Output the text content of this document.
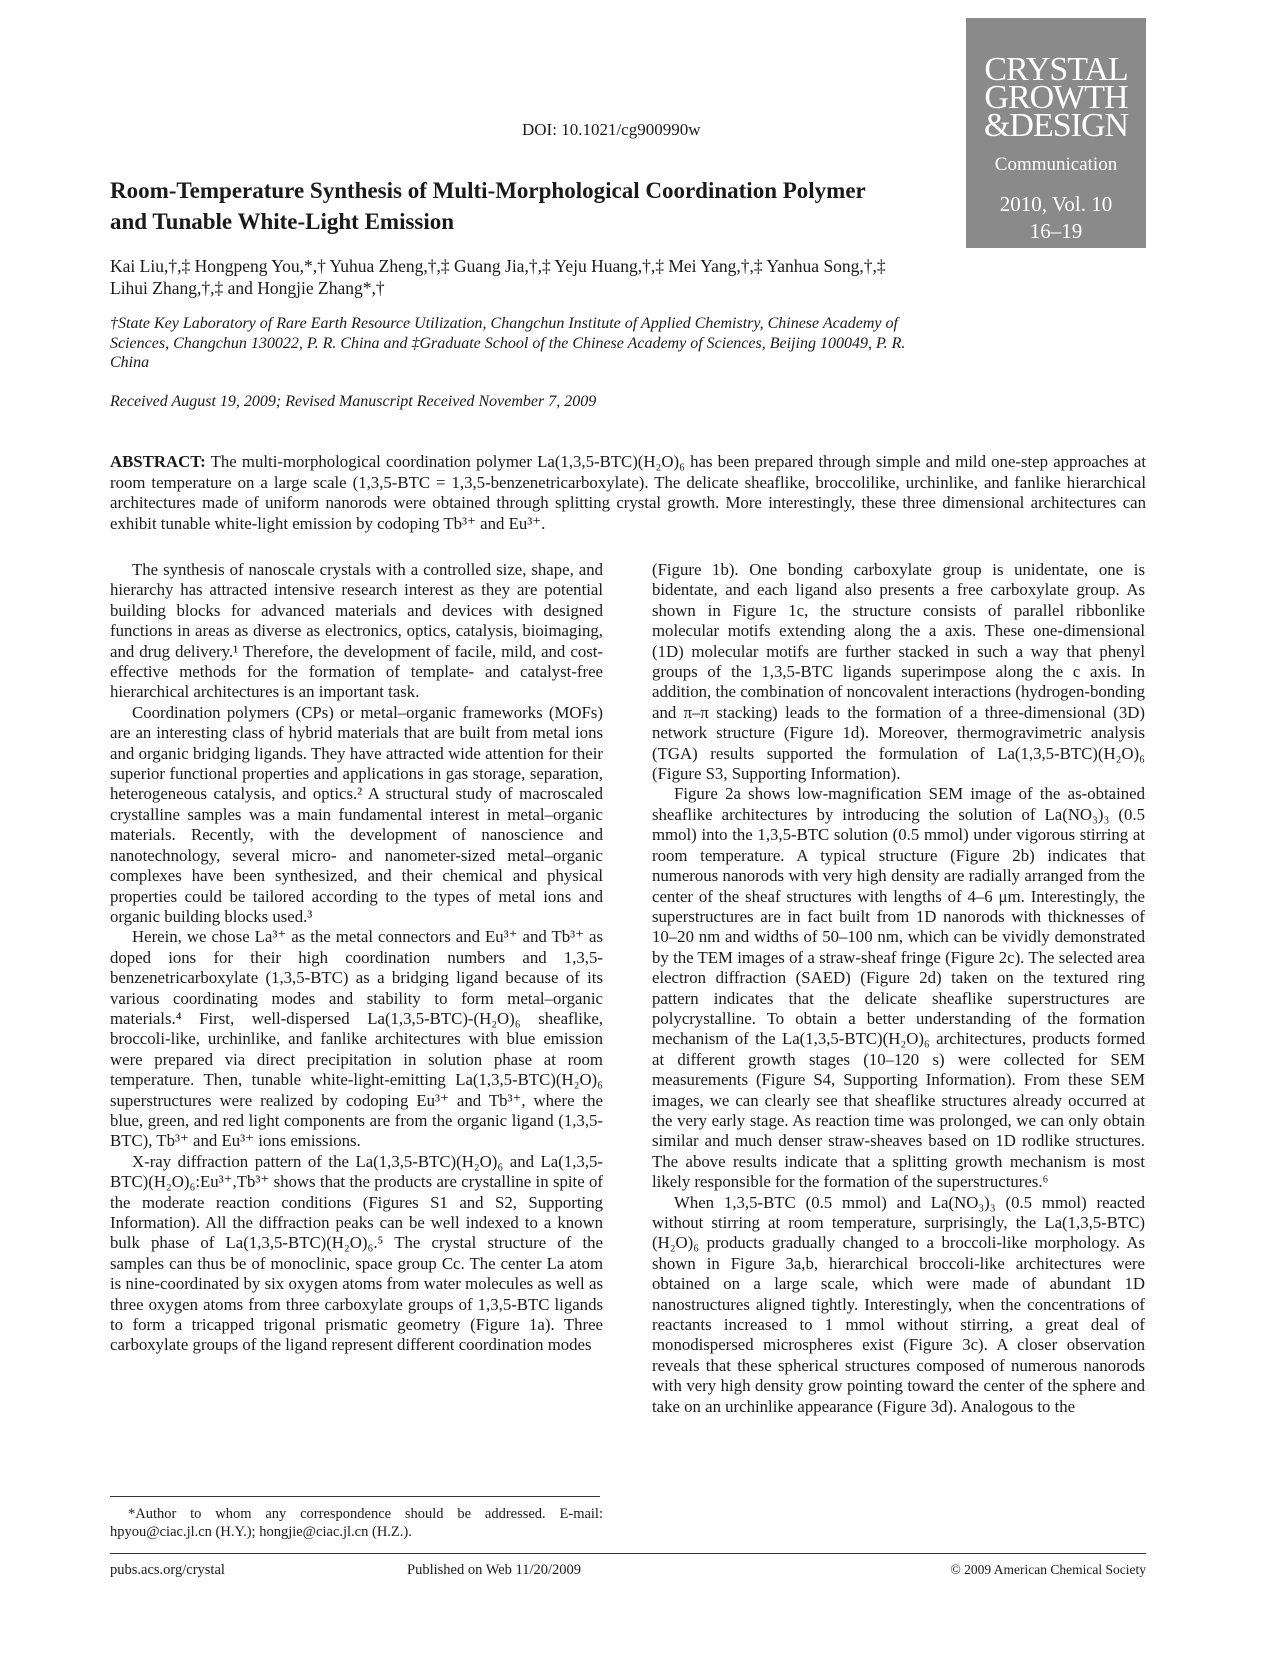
DOI: 10.1021/cg900990w
CRYSTAL
GROWTH
&DESIGN
Communication
2010, Vol. 10
16–19
Room-Temperature Synthesis of Multi-Morphological Coordination Polymer and Tunable White-Light Emission
Kai Liu,†,‡ Hongpeng You,*,† Yuhua Zheng,†,‡ Guang Jia,†,‡ Yeju Huang,†,‡ Mei Yang,†,‡ Yanhua Song,†,‡ Lihui Zhang,†,‡ and Hongjie Zhang*,†
†State Key Laboratory of Rare Earth Resource Utilization, Changchun Institute of Applied Chemistry, Chinese Academy of Sciences, Changchun 130022, P. R. China and ‡Graduate School of the Chinese Academy of Sciences, Beijing 100049, P. R. China
Received August 19, 2009; Revised Manuscript Received November 7, 2009
ABSTRACT: The multi-morphological coordination polymer La(1,3,5-BTC)(H₂O)₆ has been prepared through simple and mild one-step approaches at room temperature on a large scale (1,3,5-BTC = 1,3,5-benzenetricarboxylate). The delicate sheaflike, broccolilike, urchinlike, and fanlike hierarchical architectures made of uniform nanorods were obtained through splitting crystal growth. More interestingly, these three dimensional architectures can exhibit tunable white-light emission by codoping Tb³⁺ and Eu³⁺.

The synthesis of nanoscale crystals with a controlled size, shape, and hierarchy has attracted intensive research interest as they are potential building blocks for advanced materials and devices with designed functions in areas as diverse as electronics, optics, catalysis, bioimaging, and drug delivery.¹ Therefore, the development of facile, mild, and cost-effective methods for the formation of template- and catalyst-free hierarchical architectures is an important task.

Coordination polymers (CPs) or metal–organic frameworks (MOFs) are an interesting class of hybrid materials that are built from metal ions and organic bridging ligands. They have attracted wide attention for their superior functional properties and applications in gas storage, separation, heterogeneous catalysis, and optics.² A structural study of macroscaled crystalline samples was a main fundamental interest in metal–organic materials. Recently, with the development of nanoscience and nanotechnology, several micro- and nanometer-sized metal–organic complexes have been synthesized, and their chemical and physical properties could be tailored according to the types of metal ions and organic building blocks used.³

Herein, we chose La³⁺ as the metal connectors and Eu³⁺ and Tb³⁺ as doped ions for their high coordination numbers and 1,3,5-benzenetricarboxylate (1,3,5-BTC) as a bridging ligand because of its various coordinating modes and stability to form metal–organic materials.⁴ First, well-dispersed La(1,3,5-BTC)-(H₂O)₆ sheaflike, broccoli-like, urchinlike, and fanlike architectures with blue emission were prepared via direct precipitation in solution phase at room temperature. Then, tunable white-light-emitting La(1,3,5-BTC)(H₂O)₆ superstructures were realized by codoping Eu³⁺ and Tb³⁺, where the blue, green, and red light components are from the organic ligand (1,3,5-BTC), Tb³⁺ and Eu³⁺ ions emissions.

X-ray diffraction pattern of the La(1,3,5-BTC)(H₂O)₆ and La(1,3,5-BTC)(H₂O)₆:Eu³⁺,Tb³⁺ shows that the products are crystalline in spite of the moderate reaction conditions (Figures S1 and S2, Supporting Information). All the diffraction peaks can be well indexed to a known bulk phase of La(1,3,5-BTC)(H₂O)₆.⁵ The crystal structure of the samples can thus be of monoclinic, space group Cc. The center La atom is nine-coordinated by six oxygen atoms from water molecules as well as three oxygen atoms from three carboxylate groups of 1,3,5-BTC ligands to form a tricapped trigonal prismatic geometry (Figure 1a). Three carboxylate groups of the ligand represent different coordination modes

(Figure 1b). One bonding carboxylate group is unidentate, one is bidentate, and each ligand also presents a free carboxylate group. As shown in Figure 1c, the structure consists of parallel ribbonlike molecular motifs extending along the a axis. These one-dimensional (1D) molecular motifs are further stacked in such a way that phenyl groups of the 1,3,5-BTC ligands superimpose along the c axis. In addition, the combination of noncovalent interactions (hydrogen-bonding and π–π stacking) leads to the formation of a three-dimensional (3D) network structure (Figure 1d). Moreover, thermogravimetric analysis (TGA) results supported the formulation of La(1,3,5-BTC)(H₂O)₆ (Figure S3, Supporting Information).

Figure 2a shows low-magnification SEM image of the as-obtained sheaflike architectures by introducing the solution of La(NO₃)₃ (0.5 mmol) into the 1,3,5-BTC solution (0.5 mmol) under vigorous stirring at room temperature. A typical structure (Figure 2b) indicates that numerous nanorods with very high density are radially arranged from the center of the sheaf structures with lengths of 4–6 μm. Interestingly, the superstructures are in fact built from 1D nanorods with thicknesses of 10–20 nm and widths of 50–100 nm, which can be vividly demonstrated by the TEM images of a straw-sheaf fringe (Figure 2c). The selected area electron diffraction (SAED) (Figure 2d) taken on the textured ring pattern indicates that the delicate sheaflike superstructures are polycrystalline. To obtain a better understanding of the formation mechanism of the La(1,3,5-BTC)(H₂O)₆ architectures, products formed at different growth stages (10–120 s) were collected for SEM measurements (Figure S4, Supporting Information). From these SEM images, we can clearly see that sheaflike structures already occurred at the very early stage. As reaction time was prolonged, we can only obtain similar and much denser straw-sheaves based on 1D rodlike structures. The above results indicate that a splitting growth mechanism is most likely responsible for the formation of the superstructures.⁶

When 1,3,5-BTC (0.5 mmol) and La(NO₃)₃ (0.5 mmol) reacted without stirring at room temperature, surprisingly, the La(1,3,5-BTC)(H₂O)₆ products gradually changed to a broccoli-like morphology. As shown in Figure 3a,b, hierarchical broccoli-like architectures were obtained on a large scale, which were made of abundant 1D nanostructures aligned tightly. Interestingly, when the concentrations of reactants increased to 1 mmol without stirring, a great deal of monodispersed microspheres exist (Figure 3c). A closer observation reveals that these spherical structures composed of numerous nanorods with very high density grow pointing toward the center of the sphere and take on an urchinlike appearance (Figure 3d). Analogous to the

*Author to whom any correspondence should be addressed. E-mail: hpyou@ciac.jl.cn (H.Y.); hongjie@ciac.jl.cn (H.Z.).
pubs.acs.org/crystal	Published on Web 11/20/2009	© 2009 American Chemical Society
